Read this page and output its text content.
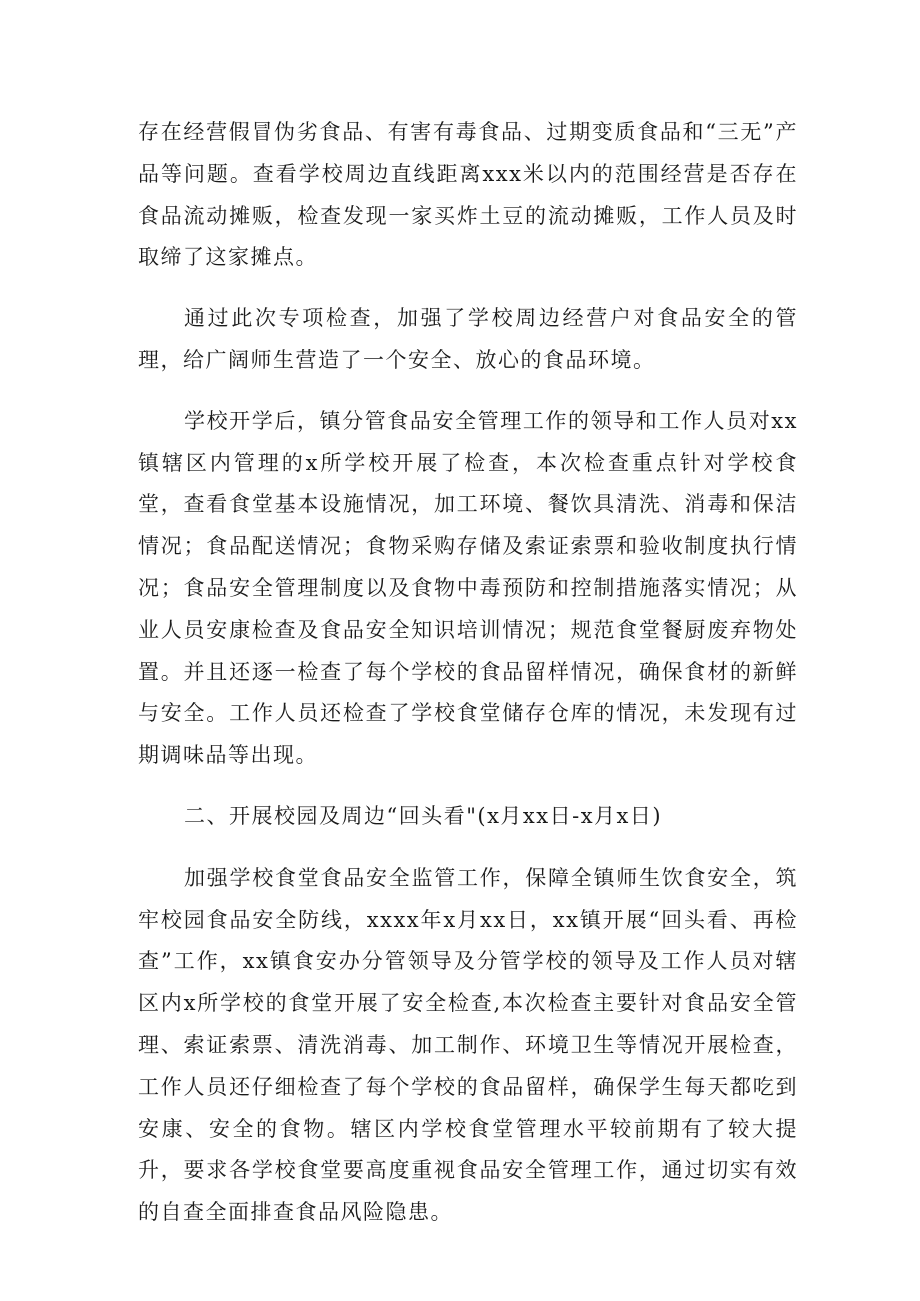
存在经营假冒伪劣食品、有害有毒食品、过期变质食品和“三无”产品等问题。查看学校周边直线距离xxx米以内的范围经营是否存在食品流动摊贩，检查发现一家买炸土豆的流动摊贩，工作人员及时取缔了这家摊点。

通过此次专项检查，加强了学校周边经营户对食品安全的管理，给广阔师生营造了一个安全、放心的食品环境。

学校开学后，镇分管食品安全管理工作的领导和工作人员对xx镇辖区内管理的x所学校开展了检查，本次检查重点针对学校食堂，查看食堂基本设施情况，加工环境、餐饮具清洗、消毒和保洁情况；食品配送情况；食物采购存储及索证索票和验收制度执行情况；食品安全管理制度以及食物中毒预防和控制措施落实情况；从业人员安康检查及食品安全知识培训情况；规范食堂餐厨废弃物处置。并且还逐一检查了每个学校的食品留样情况，确保食材的新鲜与安全。工作人员还检查了学校食堂储存仓库的情况，未发现有过期调味品等出现。

二、开展校园及周边“回头看"(x月xx日-x月x日)

加强学校食堂食品安全监管工作，保障全镇师生饮食安全，筑牢校园食品安全防线，xxxx年x月xx日，xx镇开展“回头看、再检查”工作，xx镇食安办分管领导及分管学校的领导及工作人员对辖区内x所学校的食堂开展了安全检查,本次检查主要针对食品安全管理、索证索票、清洗消毒、加工制作、环境卫生等情况开展检查，工作人员还仔细检查了每个学校的食品留样，确保学生每天都吃到安康、安全的食物。辖区内学校食堂管理水平较前期有了较大提升，要求各学校食堂要高度重视食品安全管理工作，通过切实有效的自查全面排查食品风险隐患。
